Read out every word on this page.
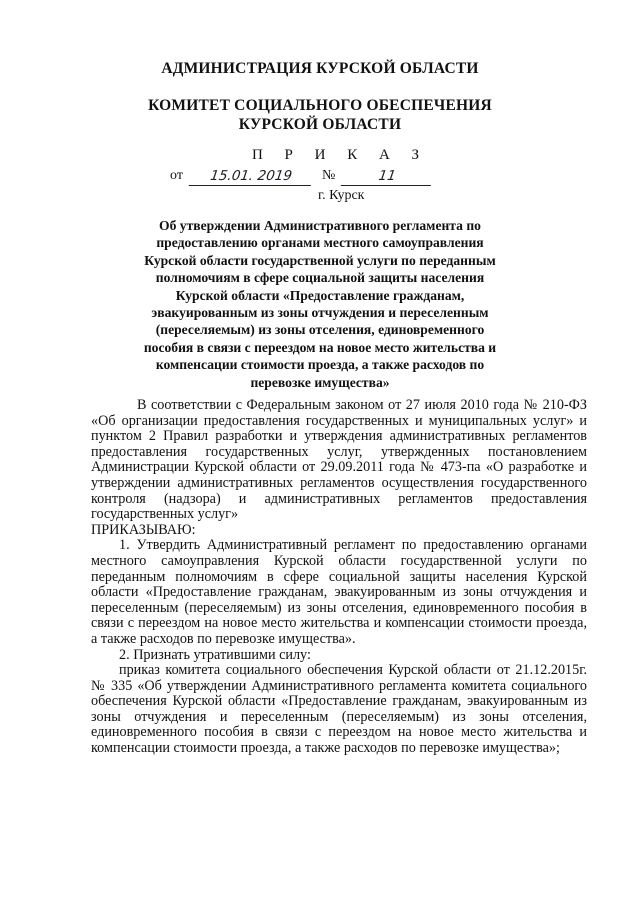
АДМИНИСТРАЦИЯ КУРСКОЙ ОБЛАСТИ
КОМИТЕТ СОЦИАЛЬНОГО ОБЕСПЕЧЕНИЯ
КУРСКОЙ ОБЛАСТИ
П Р И К А З
от	15.01. 2019	№	11
г. Курск
Об утверждении Административного регламента по
предоставлению органами местного самоуправления
Курской области государственной услуги по переданным
полномочиям в сфере социальной защиты населения
Курской области «Предоставление гражданам,
эвакуированным из зоны отчуждения и переселенным
(переселяемым) из зоны отселения, единовременного
пособия в связи с переездом на новое место жительства и
компенсации стоимости проезда, а также расходов по
перевозке имущества»

В соответствии с Федеральным законом от 27 июля 2010 года № 210-ФЗ «Об организации предоставления государственных и муниципальных услуг» и пунктом 2 Правил разработки и утверждения административных регламентов предоставления государственных услуг, утвержденных постановлением Администрации Курской области от 29.09.2011 года № 473-па «О разработке и утверждении административных регламентов осуществления государственного контроля (надзора) и административных регламентов предоставления государственных услуг»

ПРИКАЗЫВАЮ:

1. Утвердить Административный регламент по предоставлению органами местного самоуправления Курской области государственной услуги по переданным полномочиям в сфере социальной защиты населения Курской области «Предоставление гражданам, эвакуированным из зоны отчуждения и переселенным (переселяемым) из зоны отселения, единовременного пособия в связи с переездом на новое место жительства и компенсации стоимости проезда, а также расходов по перевозке имущества».

2. Признать утратившими силу:

приказ комитета социального обеспечения Курской области от 21.12.2015г. № 335 «Об утверждении Административного регламента комитета социального обеспечения Курской области «Предоставление гражданам, эвакуированным из зоны отчуждения и переселенным (переселяемым) из зоны отселения, единовременного пособия в связи с переездом на новое место жительства и компенсации стоимости проезда, а также расходов по перевозке имущества»;
